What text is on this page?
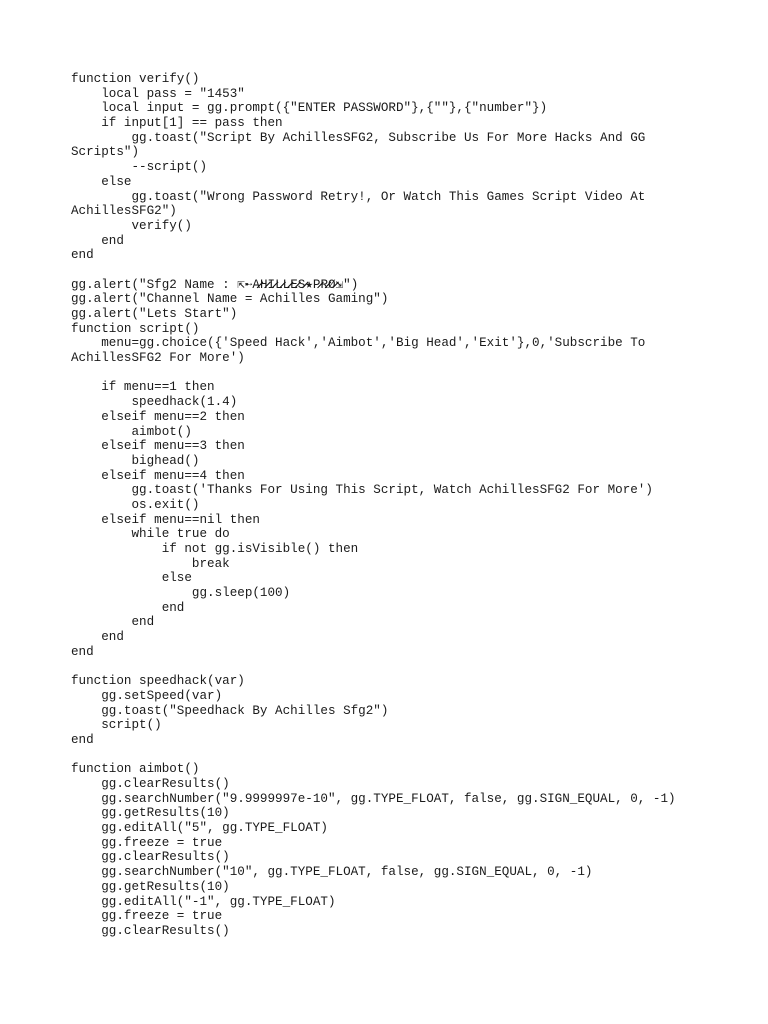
function verify()
local pass = "1453"
local input = gg.prompt({"ENTER PASSWORD"},{""},{"number"})
if input[1] == pass then
gg.toast("Script By AchillesSFG2, Subscribe Us For More Hacks And GG
Scripts")
--script()
else
gg.toast("Wrong Password Retry!, Or Watch This Games Script Video At
AchillesSFG2")
verify()
end
end
gg.alert("Sfg2 Name : ⇱➸Α̷̷̷̷Η̷̷̷̷Ι̷̷̷̷L̷̷̷̷L̷̷̷̷E̷̷̷̷S̷̷̷̷★Ρ̷̷̷̷R̷̷̷̷Ø̷̷̷̷⇲")
gg.alert("Channel Name = Achilles Gaming")
gg.alert("Lets Start")
function script()
menu=gg.choice({'Speed Hack','Aimbot','Big Head','Exit'},0,'Subscribe To
AchillesSFG2 For More')
if menu==1 then
speedhack(1.4)
elseif menu==2 then
aimbot()
elseif menu==3 then
bighead()
elseif menu==4 then
gg.toast('Thanks For Using This Script, Watch AchillesSFG2 For More')
os.exit()
elseif menu==nil then
while true do
if not gg.isVisible() then
break
else
gg.sleep(100)
end
end
end
end
function speedhack(var)
gg.setSpeed(var)
gg.toast("Speedhack By Achilles Sfg2")
script()
end
function aimbot()
gg.clearResults()
gg.searchNumber("9.9999997e-10", gg.TYPE_FLOAT, false, gg.SIGN_EQUAL, 0, -1)
gg.getResults(10)
gg.editAll("5", gg.TYPE_FLOAT)
gg.freeze = true
gg.clearResults()
gg.searchNumber("10", gg.TYPE_FLOAT, false, gg.SIGN_EQUAL, 0, -1)
gg.getResults(10)
gg.editAll("-1", gg.TYPE_FLOAT)
gg.freeze = true
gg.clearResults()
